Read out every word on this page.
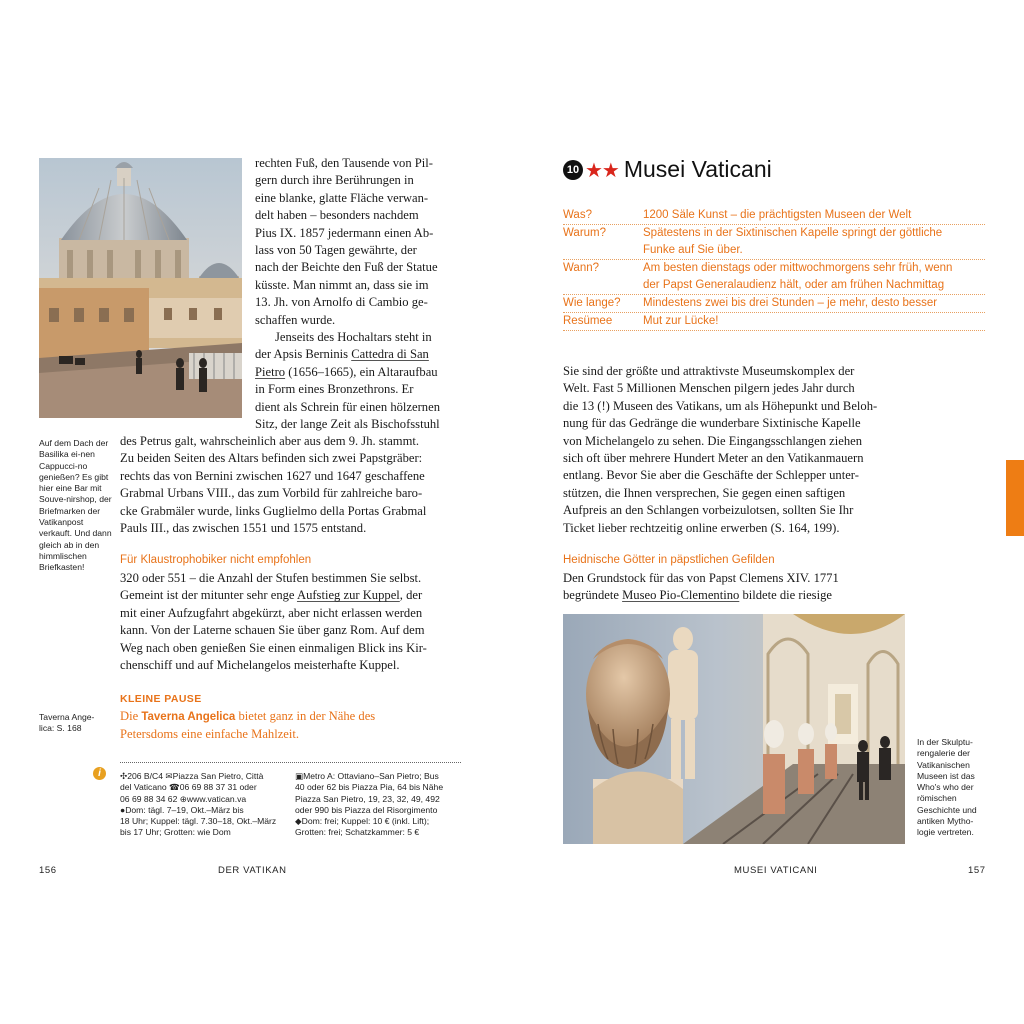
Auf dem Dach der Basilika ei-nen Cappucci-no genießen? Es gibt hier eine Bar mit Souve-nirshop, der Briefmarken der Vatikanpost verkauft. Und dann gleich ab in den himmlischen Briefkasten!

rechten Fuß, den Tausende von Pil-

gern durch ihre Berührungen in

eine blanke, glatte Fläche verwan-

delt haben – besonders nachdem

Pius IX. 1857 jedermann einen Ab-

lass von 50 Tagen gewährte, der

nach der Beichte den Fuß der Statue

küsste. Man nimmt an, dass sie im

13. Jh. von Arnolfo di Cambio ge-

schaffen wurde.

Jenseits des Hochaltars steht in

der Apsis Berninis Cattedra di San

Pietro (1656–1665), ein Altaraufbau

in Form eines Bronzethrons. Er

dient als Schrein für einen hölzernen

Sitz, der lange Zeit als Bischofsstuhl

des Petrus galt, wahrscheinlich aber aus dem 9. Jh. stammt.

Zu beiden Seiten des Altars befinden sich zwei Papstgräber:

rechts das von Bernini zwischen 1627 und 1647 geschaffene

Grabmal Urbans VIII., das zum Vorbild für zahlreiche baro-

cke Grabmäler wurde, links Guglielmo della Portas Grabmal

Pauls III., das zwischen 1551 und 1575 entstand.

Für Klaustrophobiker nicht empfohlen

320 oder 551 – die Anzahl der Stufen bestimmen Sie selbst.

Gemeint ist der mitunter sehr enge Aufstieg zur Kuppel, der

mit einer Aufzugfahrt abgekürzt, aber nicht erlassen werden

kann. Von der Laterne schauen Sie über ganz Rom. Auf dem

Weg nach oben genießen Sie einen einmaligen Blick ins Kir-

chenschiff und auf Michelangelos meisterhafte Kuppel.

KLEINE PAUSE
Die Taverna Angelica bietet ganz in der Nähe des
Petersdoms eine einfache Mahlzeit.
Taverna Ange-lica: S. 168
i	✣206 B/C4 ✉Piazza San Pietro, Città
del Vaticano ☎06 69 88 37 31 oder
06 69 88 34 62 ⊕www.vatican.va
●Dom: tägl. 7–19, Okt.–März bis
18 Uhr; Kuppel: tägl. 7.30–18, Okt.–März
bis 17 Uhr; Grotten: wie Dom
▣Metro A: Ottaviano–San Pietro; Bus
40 oder 62 bis Piazza Pia, 64 bis Nähe
Piazza San Pietro, 19, 23, 32, 49, 492
oder 990 bis Piazza del Risorgimento
◆Dom: frei; Kuppel: 10 € (inkl. Lift);
Grotten: frei; Schatzkammer: 5 €
156	DER VATIKAN
10 ★★ Musei Vaticani
Was?	1200 Säle Kunst – die prächtigsten Museen der Welt
Warum?	Spätestens in der Sixtinischen Kapelle springt der göttliche
Funke auf Sie über.
Wann?	Am besten dienstags oder mittwochmorgens sehr früh, wenn
der Papst Generalaudienz hält, oder am frühen Nachmittag
Wie lange?	Mindestens zwei bis drei Stunden – je mehr, desto besser
Resümee	Mut zur Lücke!

Sie sind der größte und attraktivste Museumskomplex der

Welt. Fast 5 Millionen Menschen pilgern jedes Jahr durch

die 13 (!) Museen des Vatikans, um als Höhepunkt und Beloh-

nung für das Gedränge die wunderbare Sixtinische Kapelle

von Michelangelo zu sehen. Die Eingangsschlangen ziehen

sich oft über mehrere Hundert Meter an den Vatikanmauern

entlang. Bevor Sie aber die Geschäfte der Schlepper unter-

stützen, die Ihnen versprechen, Sie gegen einen saftigen

Aufpreis an den Schlangen vorbeizulotsen, sollten Sie Ihr

Ticket lieber rechtzeitig online erwerben (S. 164, 199).

Heidnische Götter in päpstlichen Gefilden

Den Grundstock für das von Papst Clemens XIV. 1771

begründete Museo Pio-Clementino bildete die riesige

In der Skulptu-rengalerie der Vatikanischen Museen ist das Who's who der römischen Geschichte und antiken Mytho-logie vertreten.
MUSEI VATICANI	157
